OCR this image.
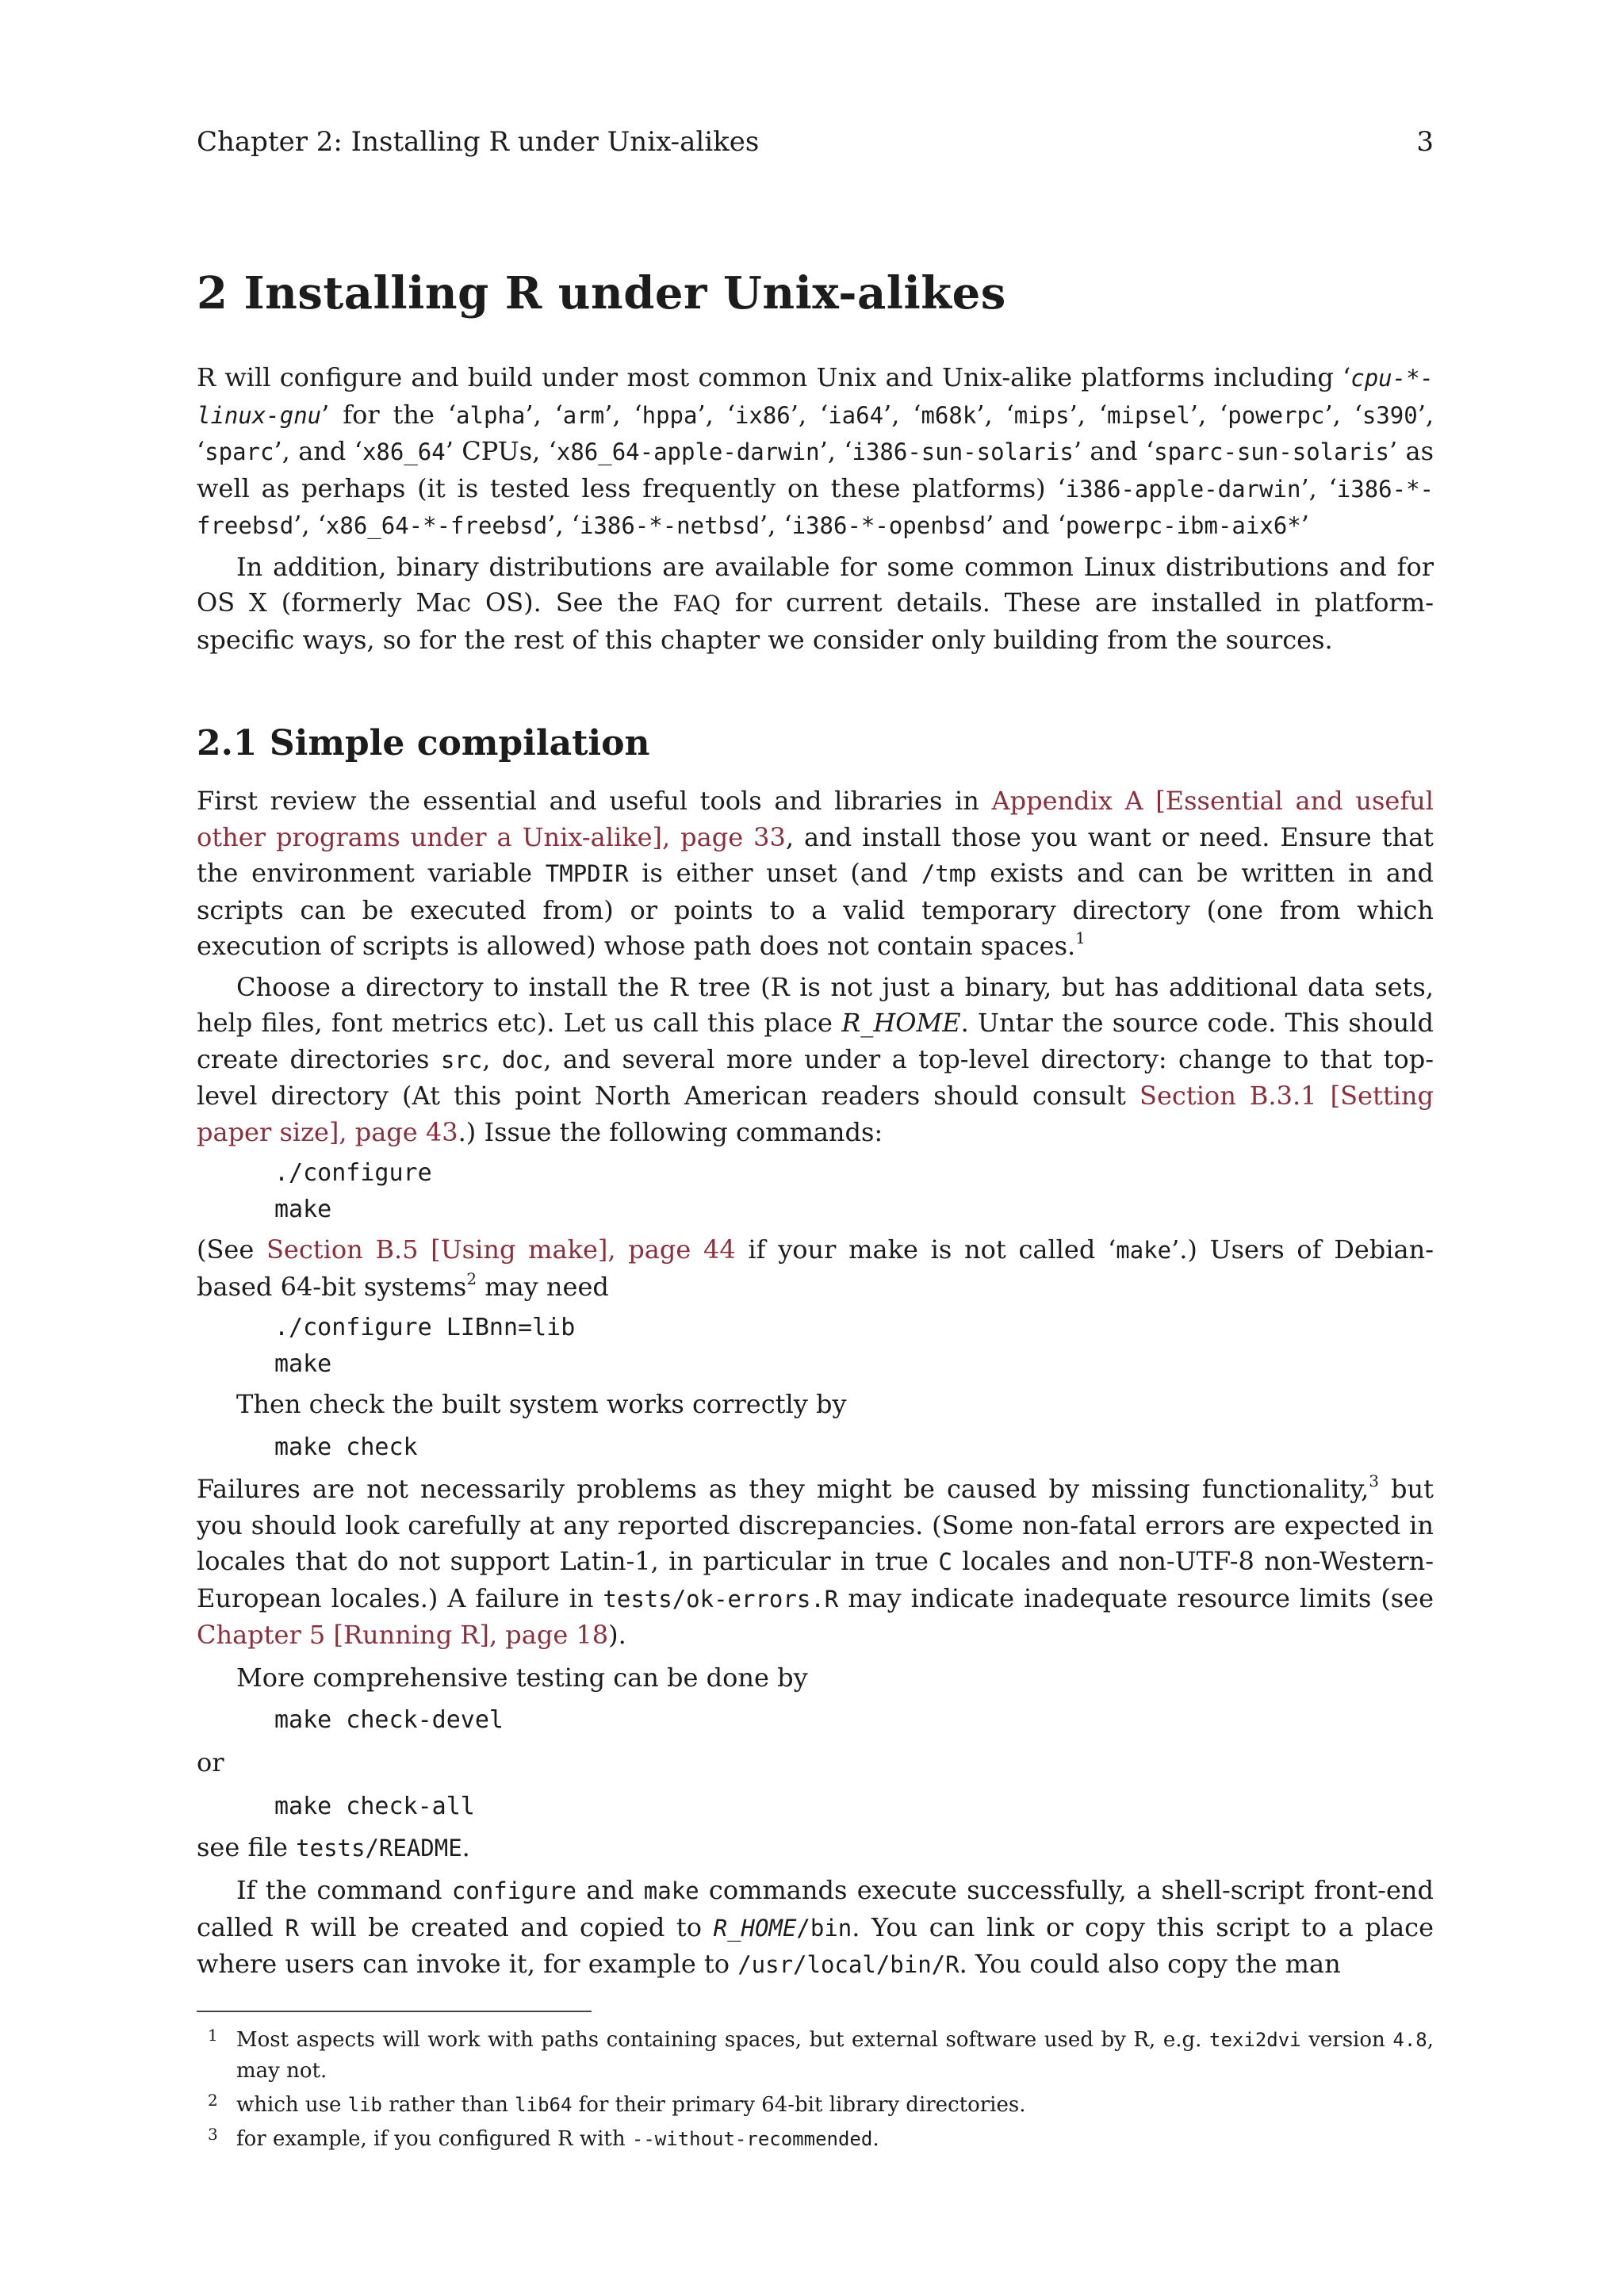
Chapter 2: Installing R under Unix-alikes	3
2 Installing R under Unix-alikes

R will configure and build under most common Unix and Unix-alike platforms including ‘cpu-*-linux-gnu’ for the ‘alpha’, ‘arm’, ‘hppa’, ‘ix86’, ‘ia64’, ‘m68k’, ‘mips’, ‘mipsel’, ‘powerpc’, ‘s390’, ‘sparc’, and ‘x86_64’ CPUs, ‘x86_64-apple-darwin’, ‘i386-sun-solaris’ and ‘sparc-sun-solaris’ as well as perhaps (it is tested less frequently on these platforms) ‘i386-apple-darwin’, ‘i386-*-freebsd’, ‘x86_64-*-freebsd’, ‘i386-*-netbsd’, ‘i386-*-openbsd’ and ‘powerpc-ibm-aix6*’

In addition, binary distributions are available for some common Linux distributions and for OS X (formerly Mac OS). See the FAQ for current details. These are installed in platform-specific ways, so for the rest of this chapter we consider only building from the sources.

2.1 Simple compilation

First review the essential and useful tools and libraries in Appendix A [Essential and useful other programs under a Unix-alike], page 33, and install those you want or need. Ensure that the environment variable TMPDIR is either unset (and /tmp exists and can be written in and scripts can be executed from) or points to a valid temporary directory (one from which execution of scripts is allowed) whose path does not contain spaces.$^1$

Choose a directory to install the R tree (R is not just a binary, but has additional data sets, help files, font metrics etc). Let us call this place R_HOME. Untar the source code. This should create directories src, doc, and several more under a top-level directory: change to that top-level directory (At this point North American readers should consult Section B.3.1 [Setting paper size], page 43.) Issue the following commands:

./configure
make

(See Section B.5 [Using make], page 44 if your make is not called ‘make’.) Users of Debian-based 64-bit systems$^2$ may need

./configure LIBnn=lib
make

Then check the built system works correctly by

make check

Failures are not necessarily problems as they might be caused by missing functionality,$^3$ but you should look carefully at any reported discrepancies. (Some non-fatal errors are expected in locales that do not support Latin-1, in particular in true C locales and non-UTF-8 non-Western-European locales.) A failure in tests/ok-errors.R may indicate inadequate resource limits (see Chapter 5 [Running R], page 18).

More comprehensive testing can be done by

make check-devel

or

make check-all

see file tests/README.

If the command configure and make commands execute successfully, a shell-script front-end called R will be created and copied to R_HOME/bin. You can link or copy this script to a place where users can invoke it, for example to /usr/local/bin/R. You could also copy the man

1 Most aspects will work with paths containing spaces, but external software used by R, e.g. texi2dvi version 4.8, may not.
2 which use lib rather than lib64 for their primary 64-bit library directories.
3 for example, if you configured R with --without-recommended.
